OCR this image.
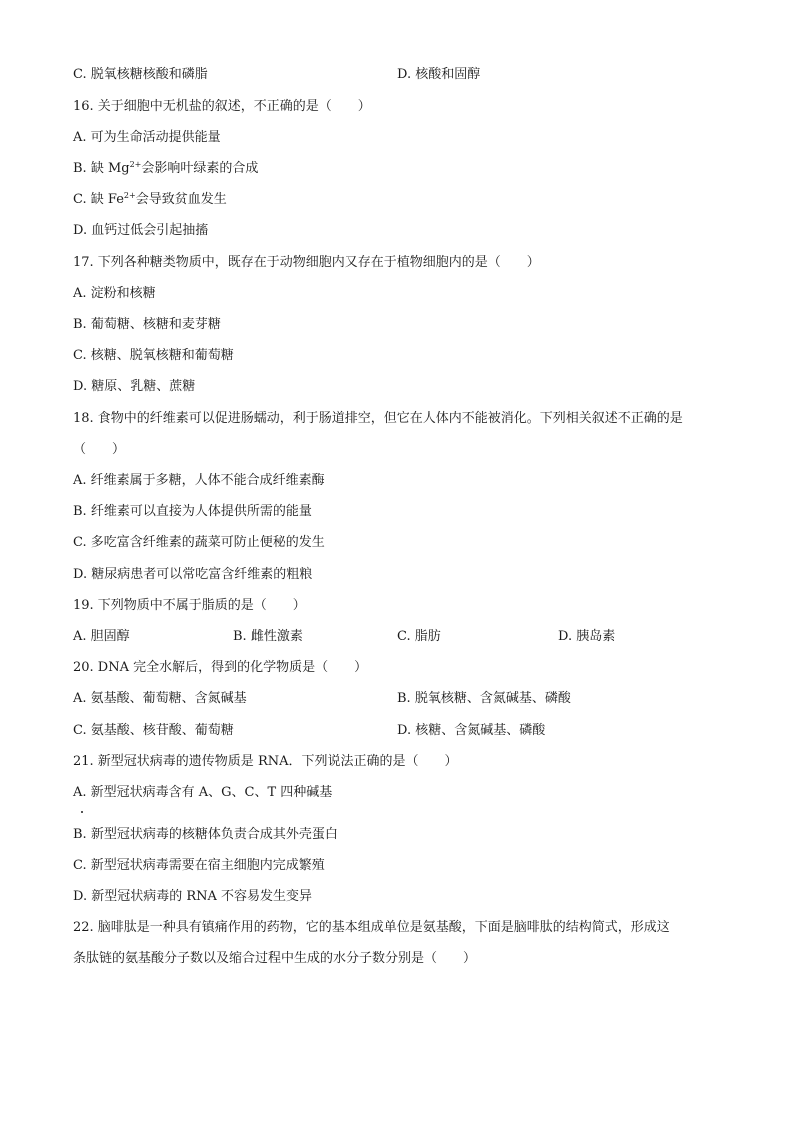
C. 脱氧核糖核酸和磷脂	D. 核酸和固醇
16. 关于细胞中无机盐的叙述，不正确的是（　　）
A. 可为生命活动提供能量
B. 缺 $Mg^{2+}$会影响叶绿素的合成
C. 缺 $Fe^{2+}$会导致贫血发生
D. 血钙过低会引起抽搐
17. 下列各种糖类物质中，既存在于动物细胞内又存在于植物细胞内的是（　　）
A. 淀粉和核糖
B. 葡萄糖、核糖和麦芽糖
C. 核糖、脱氧核糖和葡萄糖
D. 糖原、乳糖、蔗糖
18. 食物中的纤维素可以促进肠蠕动，利于肠道排空，但它在人体内不能被消化。下列相关叙述不正确的是
（　　）
A. 纤维素属于多糖，人体不能合成纤维素酶
B. 纤维素可以直接为人体提供所需的能量
C. 多吃富含纤维素的蔬菜可防止便秘的发生
D. 糖尿病患者可以常吃富含纤维素的粗粮
19. 下列物质中不属于脂质的是（　　）
A. 胆固醇	B. 雌性激素	C. 脂肪	D. 胰岛素
20. DNA 完全水解后，得到的化学物质是（　　）
A. 氨基酸、葡萄糖、含氮碱基	B. 脱氧核糖、含氮碱基、磷酸
C. 氨基酸、核苷酸、葡萄糖	D. 核糖、含氮碱基、磷酸
21. 新型冠状病毒的遗传物质是 RNA．下列说法正确的是（　　）
A. 新型冠状病毒含有 A、G、C、T 四种碱基
B. 新型冠状病毒的核糖体负责合成其外壳蛋白
C. 新型冠状病毒需要在宿主细胞内完成繁殖
D. 新型冠状病毒的 RNA 不容易发生变异
22. 脑啡肽是一种具有镇痛作用的药物，它的基本组成单位是氨基酸，下面是脑啡肽的结构简式，形成这
条肽链的氨基酸分子数以及缩合过程中生成的水分子数分别是（　　）
